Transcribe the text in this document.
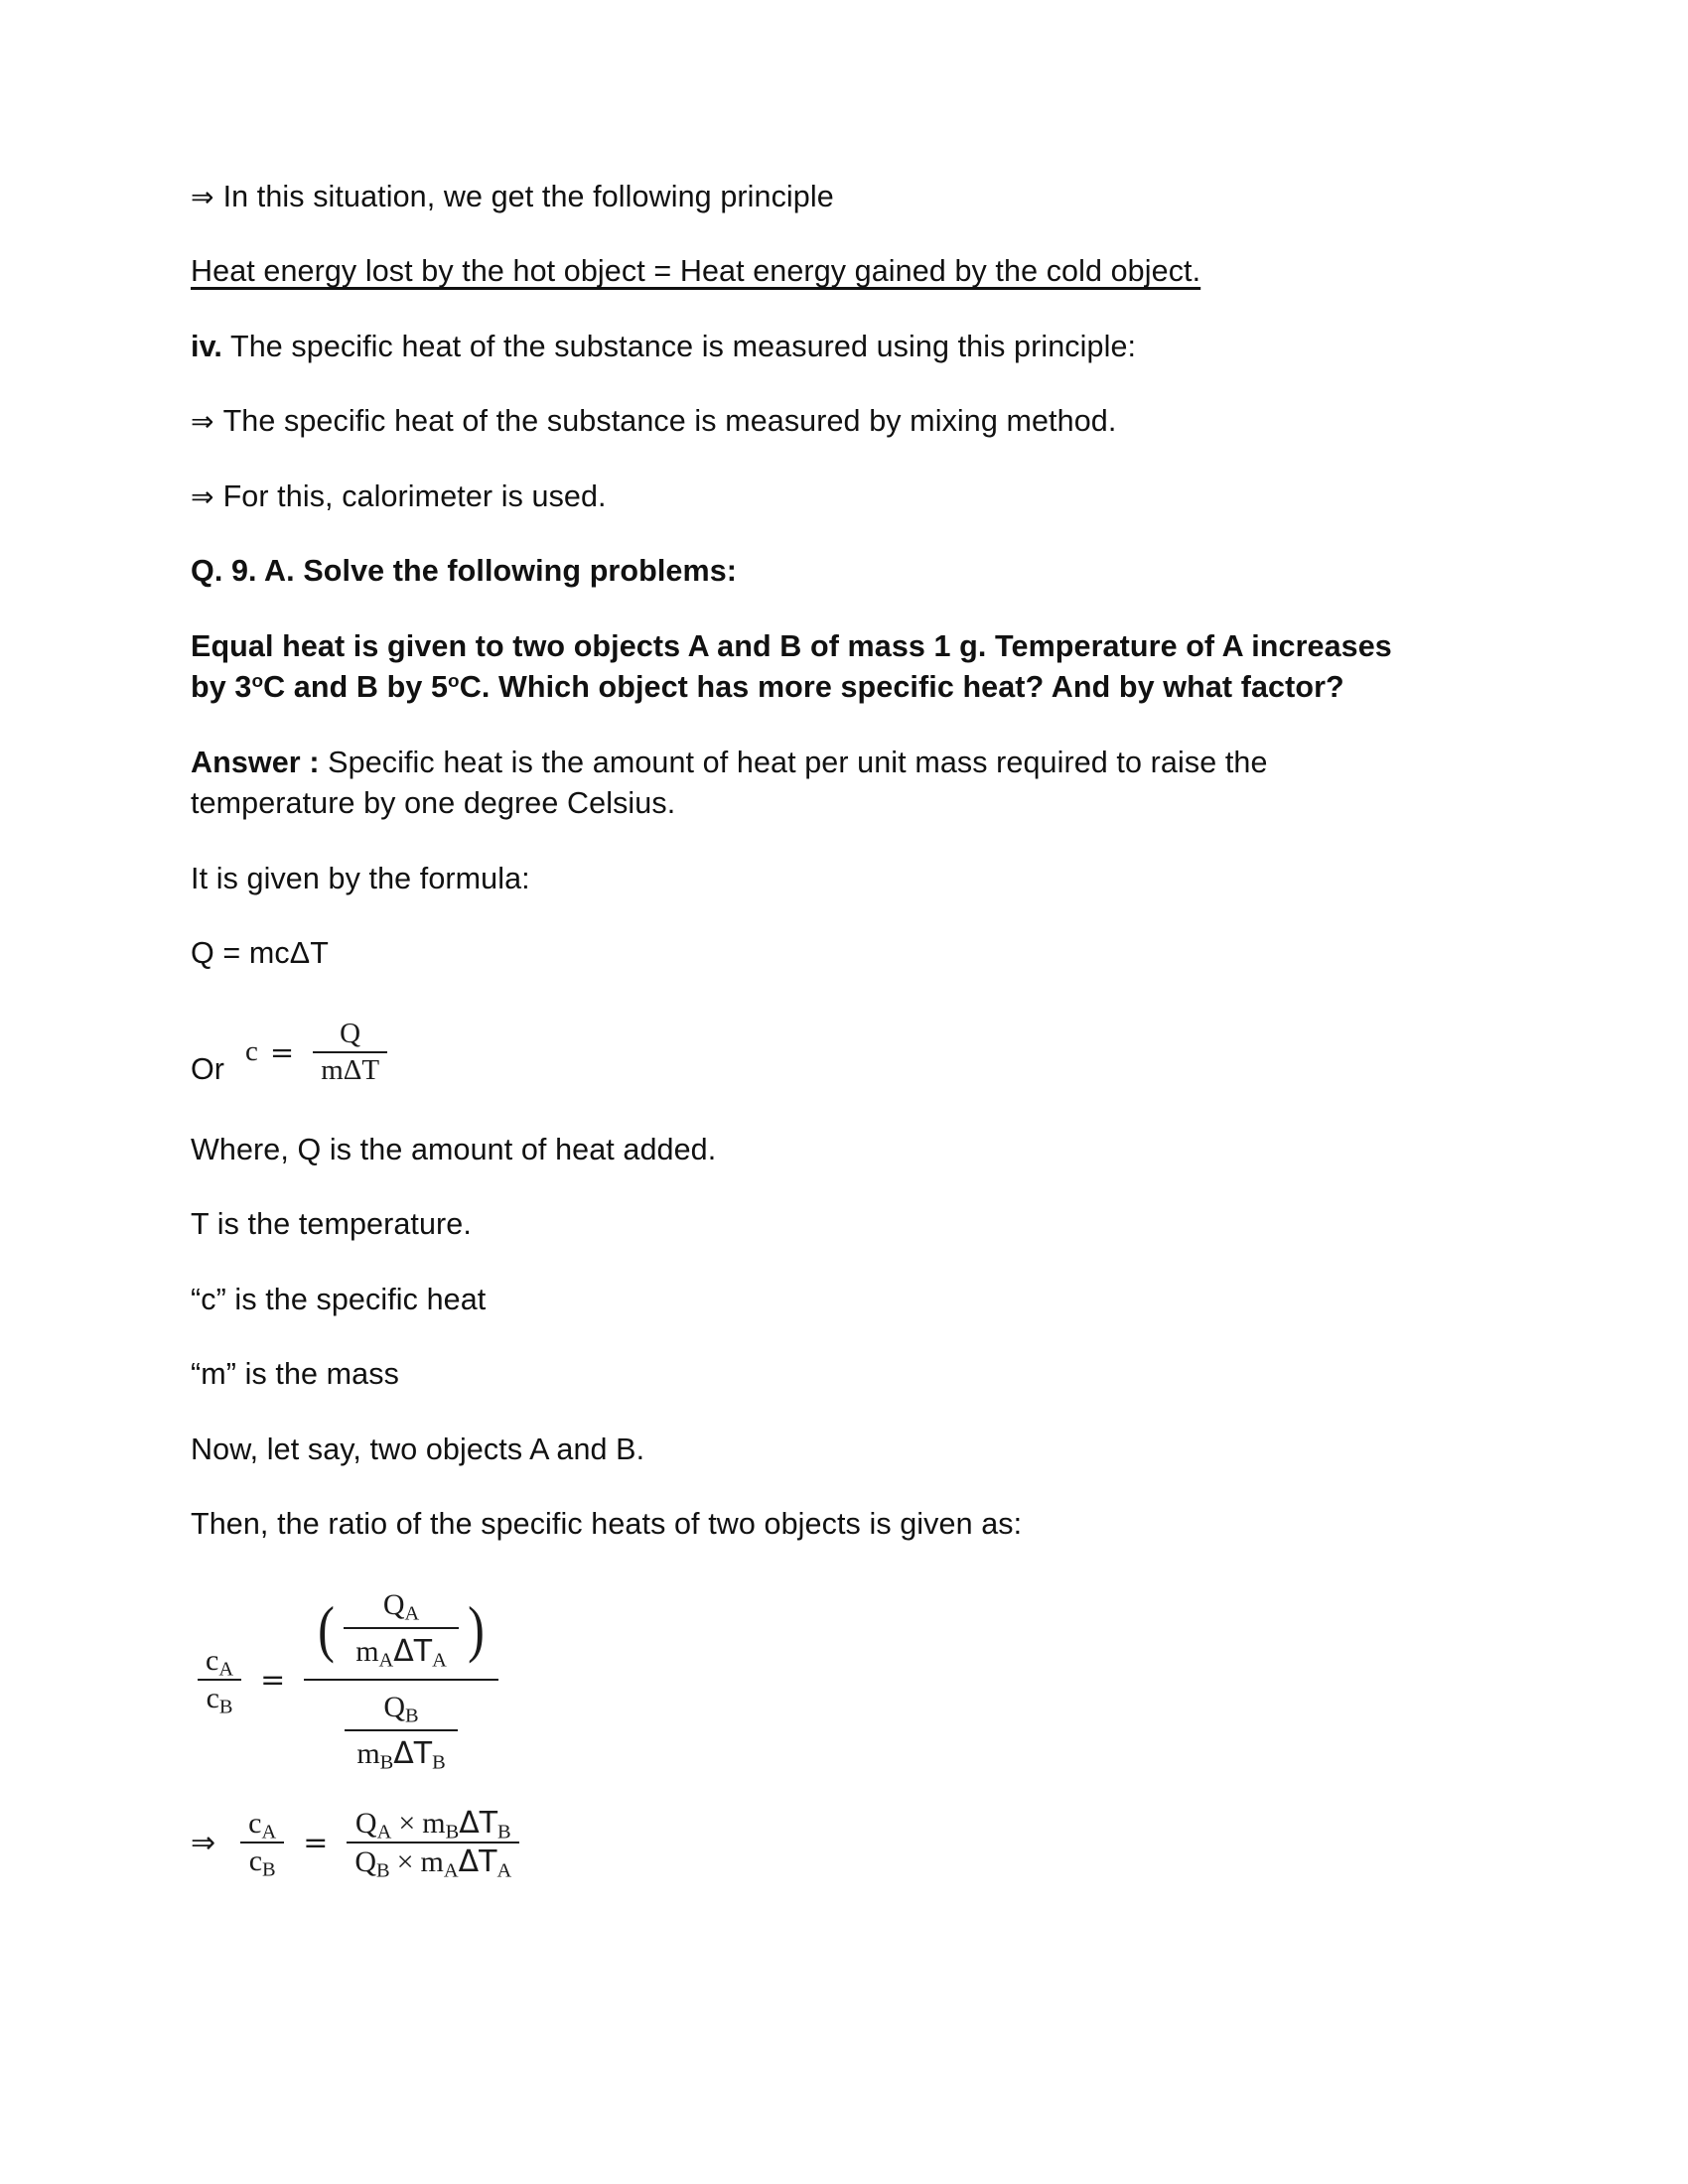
⇒ In this situation, we get the following principle

Heat energy lost by the hot object = Heat energy gained by the cold object.

iv. The specific heat of the substance is measured using this principle:

⇒ The specific heat of the substance is measured by mixing method.

⇒ For this, calorimeter is used.

Q. 9. A. Solve the following problems:

Equal heat is given to two objects A and B of mass 1 g. Temperature of A increases by 3$^o$C and B by 5$^o$C. Which object has more specific heat? And by what factor?

Answer : Specific heat is the amount of heat per unit mass required to raise the temperature by one degree Celsius.

It is given by the formula:

Q = mcΔT

Or
$c = \frac{Q}{\text{mΔT}}$

Where, Q is the amount of heat added.

T is the temperature.

“c” is the specific heat

“m” is the mass

Now, let say, two objects A and B.

Then, the ratio of the specific heats of two objects is given as:

$\frac{c_A}{c_B}$ =
( $\frac{Q_A}{m_A\Delta T_A}$ )
$\frac{Q_B}{m_B\Delta T_B}$
⇒ $\frac{c_A}{c_B} = \frac{Q_A \times m_B\Delta T_B}{Q_B \times m_A\Delta T_A}$
